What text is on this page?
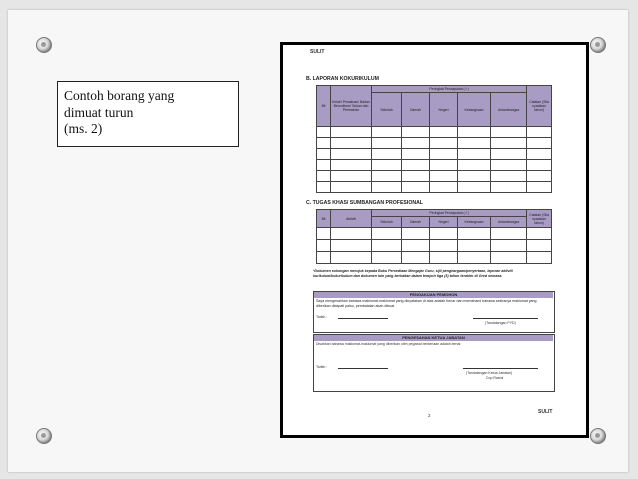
Contoh borang yang
dimuat turun
(ms. 2)
SULIT
B. LAPORAN KOKURIKULUM
Bil	Kelab/ Persatuan/ Badan Beruniform/ Sukan dan Permainan	Peringkat Pencapaian (✓)					Catatan (Sila nyatakan tahun)
		Sekolah	Daerah	Negeri	Kebangsaan	Antarabangsa	

C. TUGAS KHAS/ SUMBANGAN PROFESIONAL
Bil	Aktiviti	Peringkat Pencapaian (✓)					Catatan (Sila nyatakan tahun)
		Sekolah	Daerah	Negeri	Kebangsaan	Antarabangsa	

*Dokumen sokongan merujuk kepada Buku Persediaan Mengajar Guru, sijil penghargaan/penyertaan, laporan aktiviti kurikulum/kokurikulum dan dokumen lain yang berkaitan dalam tempoh tiga (3) tahun terakhir di Gred semasa.
PENGAKUAN PEMOHON
Saya mengesahkan bahawa maklumat-maklumat yang dinyatakan di atas adalah benar dan memahami bahawa sekiranya maklumat yang diberikan didapati palsu, pembatalan akan dibuat.
Tarikh :
(Tandatangan PYD)
PENGESAHAN KETUA JABATAN
Disahkan bahawa maklumat-maklumat yang diberikan oleh pegawai berkenaan adalah benar.
Tarikh :
(Tandatangan Ketua Jabatan)
Cop Rasmi
2
SULIT
